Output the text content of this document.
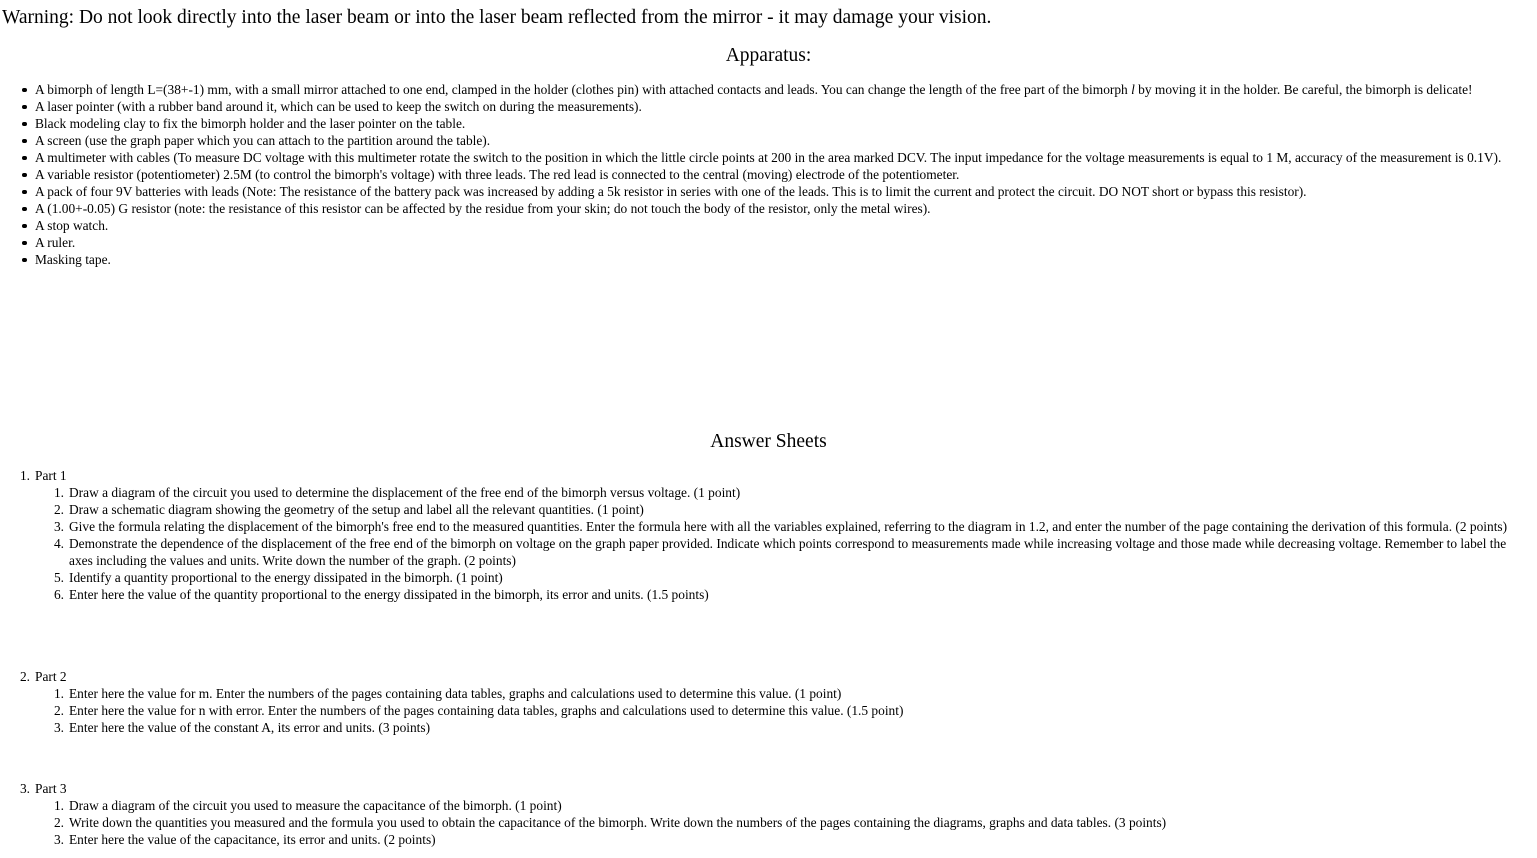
Warning: Do not look directly into the laser beam or into the laser beam reflected from the mirror - it may damage your vision.

Apparatus:
A bimorph of length L=(38+-1) mm, with a small mirror attached to one end, clamped in the holder (clothes pin) with attached contacts and leads. You can change the length of the free part of the bimorph l by moving it in the holder. Be careful, the bimorph is delicate!
A laser pointer (with a rubber band around it, which can be used to keep the switch on during the measurements).
Black modeling clay to fix the bimorph holder and the laser pointer on the table.
A screen (use the graph paper which you can attach to the partition around the table).
A multimeter with cables (To measure DC voltage with this multimeter rotate the switch to the position in which the little circle points at 200 in the area marked DCV. The input impedance for the voltage measurements is equal to 1 M, accuracy of the measurement is 0.1V).
A variable resistor (potentiometer) 2.5M (to control the bimorph's voltage) with three leads. The red lead is connected to the central (moving) electrode of the potentiometer.
A pack of four 9V batteries with leads (Note: The resistance of the battery pack was increased by adding a 5k resistor in series with one of the leads. This is to limit the current and protect the circuit. DO NOT short or bypass this resistor).
A (1.00+-0.05) G resistor (note: the resistance of this resistor can be affected by the residue from your skin; do not touch the body of the resistor, only the metal wires).
A stop watch.
A ruler.
Masking tape.
Answer Sheets
1. Part 1
1. Draw a diagram of the circuit you used to determine the displacement of the free end of the bimorph versus voltage. (1 point)
2. Draw a schematic diagram showing the geometry of the setup and label all the relevant quantities. (1 point)
3. Give the formula relating the displacement of the bimorph's free end to the measured quantities. Enter the formula here with all the variables explained, referring to the diagram in 1.2, and enter the number of the page containing the derivation of this formula. (2 points)
4. Demonstrate the dependence of the displacement of the free end of the bimorph on voltage on the graph paper provided. Indicate which points correspond to measurements made while increasing voltage and those made while decreasing voltage. Remember to label the axes including the values and units. Write down the number of the graph. (2 points)
5. Identify a quantity proportional to the energy dissipated in the bimorph. (1 point)
6. Enter here the value of the quantity proportional to the energy dissipated in the bimorph, its error and units. (1.5 points)
2. Part 2
1. Enter here the value for m. Enter the numbers of the pages containing data tables, graphs and calculations used to determine this value. (1 point)
2. Enter here the value for n with error. Enter the numbers of the pages containing data tables, graphs and calculations used to determine this value. (1.5 point)
3. Enter here the value of the constant A, its error and units. (3 points)
3. Part 3
1. Draw a diagram of the circuit you used to measure the capacitance of the bimorph. (1 point)
2. Write down the quantities you measured and the formula you used to obtain the capacitance of the bimorph. Write down the numbers of the pages containing the diagrams, graphs and data tables. (3 points)
3. Enter here the value of the capacitance, its error and units. (2 points)
